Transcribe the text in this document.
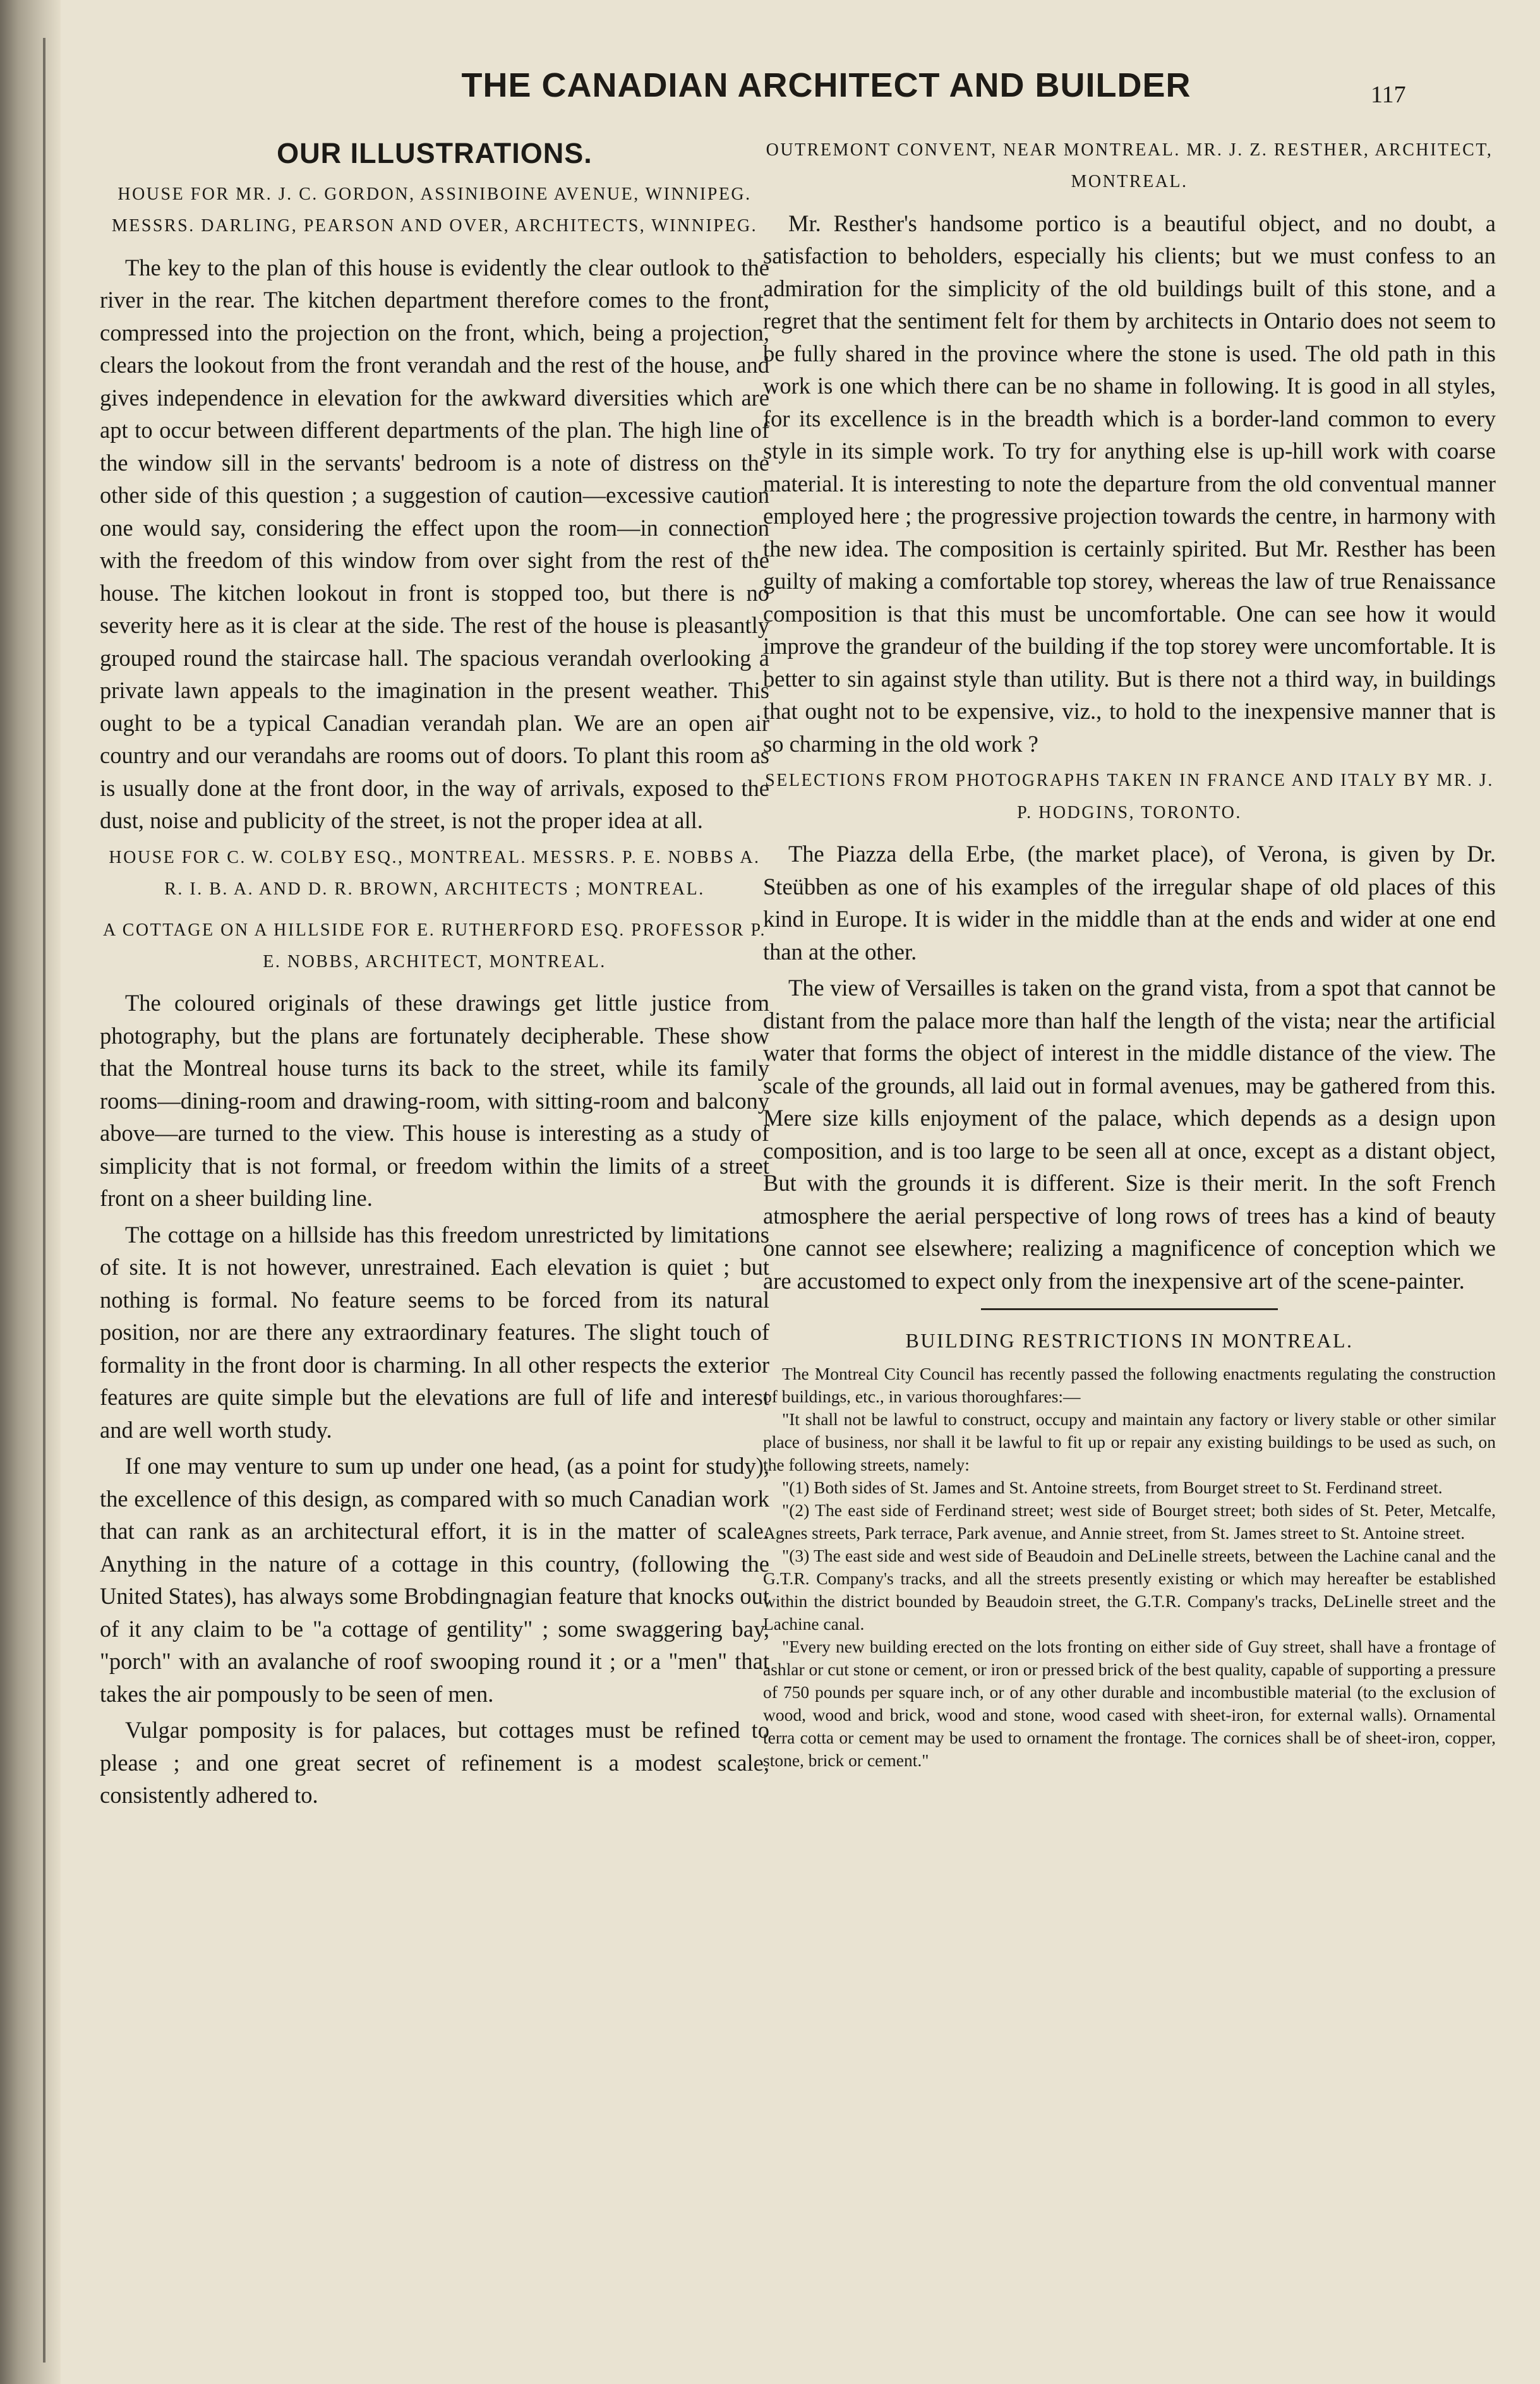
THE CANADIAN ARCHITECT AND BUILDER	117
OUR ILLUSTRATIONS.
HOUSE FOR MR. J. C. GORDON, ASSINIBOINE AVENUE, WINNIPEG. MESSRS. DARLING, PEARSON AND OVER, ARCHITECTS, WINNIPEG.

The key to the plan of this house is evidently the clear outlook to the river in the rear. The kitchen department therefore comes to the front, compressed into the projection on the front, which, being a projection, clears the lookout from the front verandah and the rest of the house, and gives independence in elevation for the awkward diversities which are apt to occur between different departments of the plan. The high line of the window sill in the servants' bedroom is a note of distress on the other side of this question ; a suggestion of caution—excessive caution one would say, considering the effect upon the room—in connection with the freedom of this window from over sight from the rest of the house. The kitchen lookout in front is stopped too, but there is no severity here as it is clear at the side. The rest of the house is pleasantly grouped round the staircase hall. The spacious verandah overlooking a private lawn appeals to the imagination in the present weather. This ought to be a typical Canadian verandah plan. We are an open air country and our verandahs are rooms out of doors. To plant this room as is usually done at the front door, in the way of arrivals, exposed to the dust, noise and publicity of the street, is not the proper idea at all.

HOUSE FOR C. W. COLBY ESQ., MONTREAL. MESSRS. P. E. NOBBS A. R. I. B. A. AND D. R. BROWN, ARCHITECTS ; MONTREAL.
A COTTAGE ON A HILLSIDE FOR E. RUTHERFORD ESQ. PROFESSOR P. E. NOBBS, ARCHITECT, MONTREAL.

The coloured originals of these drawings get little justice from photography, but the plans are fortunately decipherable. These show that the Montreal house turns its back to the street, while its family rooms—dining-room and drawing-room, with sitting-room and balcony above—are turned to the view. This house is interesting as a study of simplicity that is not formal, or freedom within the limits of a street front on a sheer building line.

The cottage on a hillside has this freedom unrestricted by limitations of site. It is not however, unrestrained. Each elevation is quiet ; but nothing is formal. No feature seems to be forced from its natural position, nor are there any extraordinary features. The slight touch of formality in the front door is charming. In all other respects the exterior features are quite simple but the elevations are full of life and interest and are well worth study.

If one may venture to sum up under one head, (as a point for study), the excellence of this design, as compared with so much Canadian work that can rank as an architectural effort, it is in the matter of scale. Anything in the nature of a cottage in this country, (following the United States), has always some Brobdingnagian feature that knocks out of it any claim to be "a cottage of gentility" ; some swaggering bay, "porch" with an avalanche of roof swooping round it ; or a "men" that takes the air pompously to be seen of men.

Vulgar pomposity is for palaces, but cottages must be refined to please ; and one great secret of refinement is a modest scale, consistently adhered to.

OUTREMONT CONVENT, NEAR MONTREAL. MR. J. Z. RESTHER, ARCHITECT, MONTREAL.

Mr. Resther's handsome portico is a beautiful object, and no doubt, a satisfaction to beholders, especially his clients; but we must confess to an admiration for the simplicity of the old buildings built of this stone, and a regret that the sentiment felt for them by architects in Ontario does not seem to be fully shared in the province where the stone is used. The old path in this work is one which there can be no shame in following. It is good in all styles, for its excellence is in the breadth which is a border-land common to every style in its simple work. To try for anything else is up-hill work with coarse material. It is interesting to note the departure from the old conventual manner employed here ; the progressive projection towards the centre, in harmony with the new idea. The composition is certainly spirited. But Mr. Resther has been guilty of making a comfortable top storey, whereas the law of true Renaissance composition is that this must be uncomfortable. One can see how it would improve the grandeur of the building if the top storey were uncomfortable. It is better to sin against style than utility. But is there not a third way, in buildings that ought not to be expensive, viz., to hold to the inexpensive manner that is so charming in the old work ?

SELECTIONS FROM PHOTOGRAPHS TAKEN IN FRANCE AND ITALY BY MR. J. P. HODGINS, TORONTO.

The Piazza della Erbe, (the market place), of Verona, is given by Dr. Steübben as one of his examples of the irregular shape of old places of this kind in Europe. It is wider in the middle than at the ends and wider at one end than at the other.

The view of Versailles is taken on the grand vista, from a spot that cannot be distant from the palace more than half the length of the vista; near the artificial water that forms the object of interest in the middle distance of the view. The scale of the grounds, all laid out in formal avenues, may be gathered from this. Mere size kills enjoyment of the palace, which depends as a design upon composition, and is too large to be seen all at once, except as a distant object, But with the grounds it is different. Size is their merit. In the soft French atmosphere the aerial perspective of long rows of trees has a kind of beauty one cannot see elsewhere; realizing a magnificence of conception which we are accustomed to expect only from the inexpensive art of the scene-painter.

BUILDING RESTRICTIONS IN MONTREAL.

The Montreal City Council has recently passed the following enactments regulating the construction of buildings, etc., in various thoroughfares:—

"It shall not be lawful to construct, occupy and maintain any factory or livery stable or other similar place of business, nor shall it be lawful to fit up or repair any existing buildings to be used as such, on the following streets, namely:

"(1) Both sides of St. James and St. Antoine streets, from Bourget street to St. Ferdinand street.

"(2) The east side of Ferdinand street; west side of Bourget street; both sides of St. Peter, Metcalfe, Agnes streets, Park terrace, Park avenue, and Annie street, from St. James street to St. Antoine street.

"(3) The east side and west side of Beaudoin and DeLinelle streets, between the Lachine canal and the G.T.R. Company's tracks, and all the streets presently existing or which may hereafter be established within the district bounded by Beaudoin street, the G.T.R. Company's tracks, DeLinelle street and the Lachine canal.

"Every new building erected on the lots fronting on either side of Guy street, shall have a frontage of ashlar or cut stone or cement, or iron or pressed brick of the best quality, capable of supporting a pressure of 750 pounds per square inch, or of any other durable and incombustible material (to the exclusion of wood, wood and brick, wood and stone, wood cased with sheet-iron, for external walls). Ornamental terra cotta or cement may be used to ornament the frontage. The cornices shall be of sheet-iron, copper, stone, brick or cement."
